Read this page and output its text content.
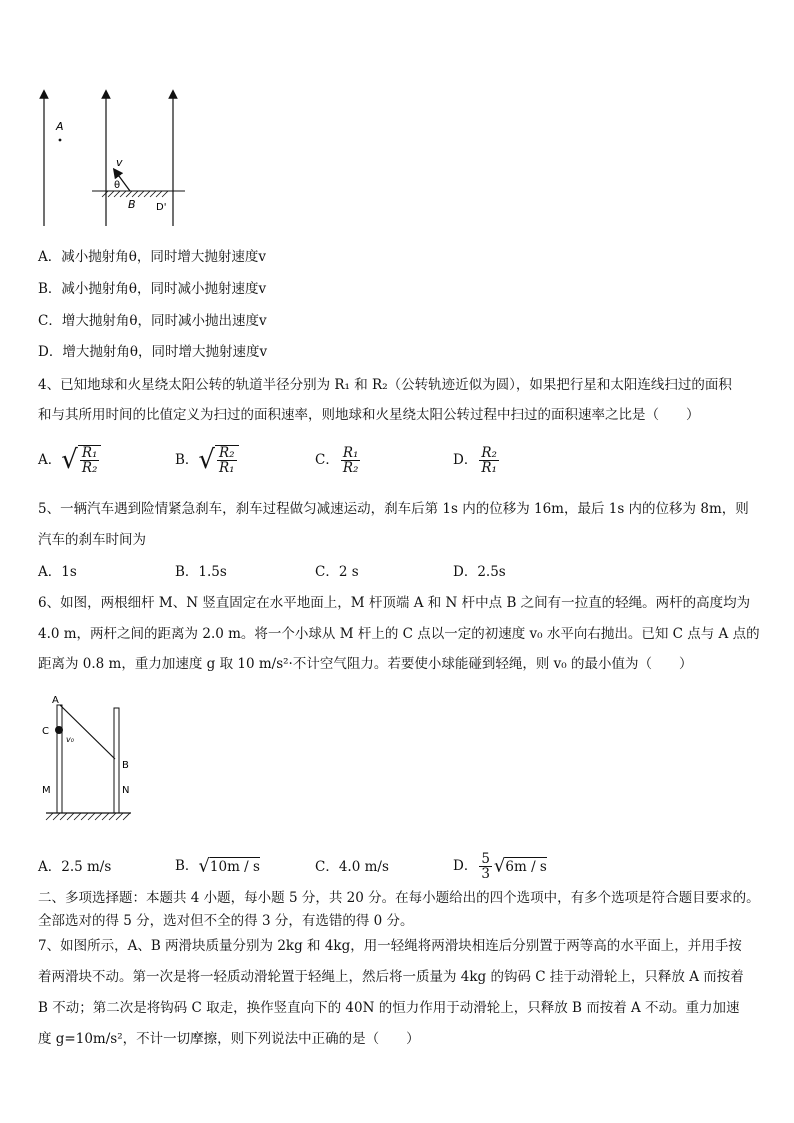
A
v
θ
B D'
A．减小抛射角θ，同时增大抛射速度v
B．减小抛射角θ，同时减小抛射速度v
C．增大抛射角θ，同时减小抛出速度v
D．增大抛射角θ，同时增大抛射速度v
4、已知地球和火星绕太阳公转的轨道半径分别为 R₁ 和 R₂（公转轨迹近似为圆），如果把行星和太阳连线扫过的面积
和与其所用时间的比值定义为扫过的面积速率，则地球和火星绕太阳公转过程中扫过的面积速率之比是（　　）
A． √ $\frac{\text{R₁}}{\text{R₂}}$	B． √ $\frac{\text{R₂}}{\text{R₁}}$	C． $\frac{\text{R₁}}{\text{R₂}}$	D． $\frac{\text{R₂}}{\text{R₁}}$
5、一辆汽车遇到险情紧急刹车，刹车过程做匀减速运动，刹车后第 1s 内的位移为 16m，最后 1s 内的位移为 8m，则
汽车的刹车时间为
A．1s	B．1.5s	C．2 s	D．2.5s
6、如图，两根细杆 M、N 竖直固定在水平地面上，M 杆顶端 A 和 N 杆中点 B 之间有一拉直的轻绳。两杆的高度均为
4.0 m，两杆之间的距离为 2.0 m。将一个小球从 M 杆上的 C 点以一定的初速度 v₀ 水平向右抛出。已知 C 点与 A 点的
距离为 0.8 m，重力加速度 g 取 10 m/s²·不计空气阻力。若要使小球能碰到轻绳，则 v₀ 的最小值为（　　）
A
C
v₀
B
M	N
A．2.5 m/s	B． √ 10m / s	C．4.0 m/s	D． $\frac{5}{3}$ √ 6m / s
二、多项选择题：本题共 4 小题，每小题 5 分，共 20 分。在每小题给出的四个选项中，有多个选项是符合题目要求的。
全部选对的得 5 分，选对但不全的得 3 分，有选错的得 0 分。
7、如图所示，A、B 两滑块质量分别为 2kg 和 4kg，用一轻绳将两滑块相连后分别置于两等高的水平面上，并用手按
着两滑块不动。第一次是将一轻质动滑轮置于轻绳上，然后将一质量为 4kg 的钩码 C 挂于动滑轮上，只释放 A 而按着
B 不动；第二次是将钩码 C 取走，换作竖直向下的 40N 的恒力作用于动滑轮上，只释放 B 而按着 A 不动。重力加速
度 g=10m/s²，不计一切摩擦，则下列说法中正确的是（　　）
